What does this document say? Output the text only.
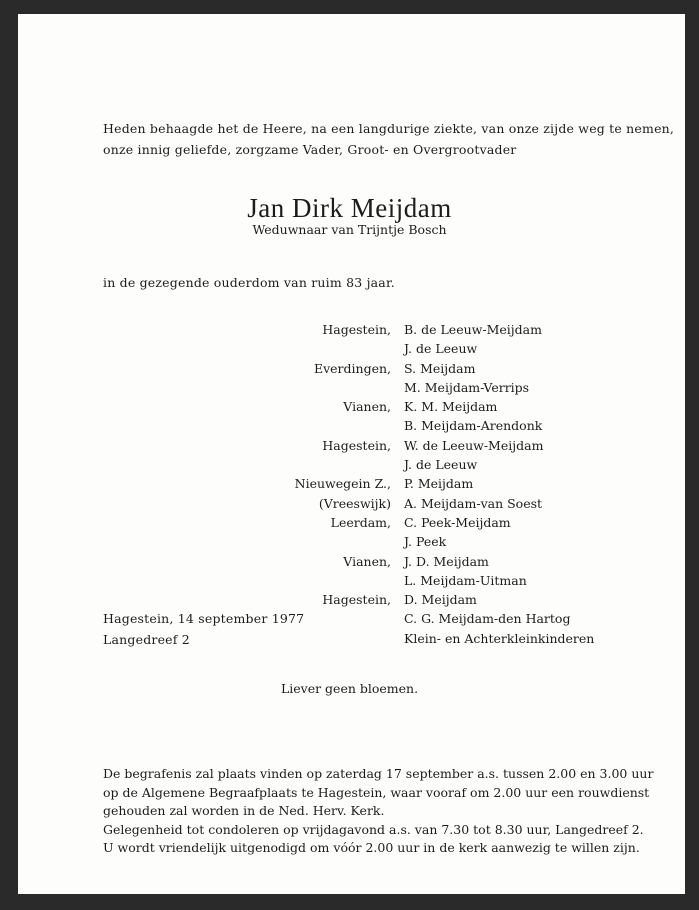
Heden behaagde het de Heere, na een langdurige ziekte, van onze zijde weg te nemen,
onze innig geliefde, zorgzame Vader, Groot- en Overgrootvader
Jan Dirk Meijdam
Weduwnaar van Trijntje Bosch
in de gezegende ouderdom van ruim 83 jaar.
Hagestein, B. de Leeuw-Meijdam
J. de Leeuw
Everdingen, S. Meijdam
M. Meijdam-Verrips
Vianen, K. M. Meijdam
B. Meijdam-Arendonk
Hagestein, W. de Leeuw-Meijdam
J. de Leeuw
Nieuwegein Z., P. Meijdam
(Vreeswijk) A. Meijdam-van Soest
Leerdam, C. Peek-Meijdam
J. Peek
Vianen, J. D. Meijdam
L. Meijdam-Uitman
Hagestein, D. Meijdam
C. G. Meijdam-den Hartog
Klein- en Achterkleinkinderen
Hagestein, 14 september 1977
Langedreef 2
Liever geen bloemen.
De begrafenis zal plaats vinden op zaterdag 17 september a.s. tussen 2.00 en 3.00 uur
op de Algemene Begraafplaats te Hagestein, waar vooraf om 2.00 uur een rouwdienst
gehouden zal worden in de Ned. Herv. Kerk.
Gelegenheid tot condoleren op vrijdagavond a.s. van 7.30 tot 8.30 uur, Langedreef 2.
U wordt vriendelijk uitgenodigd om vóór 2.00 uur in de kerk aanwezig te willen zijn.
